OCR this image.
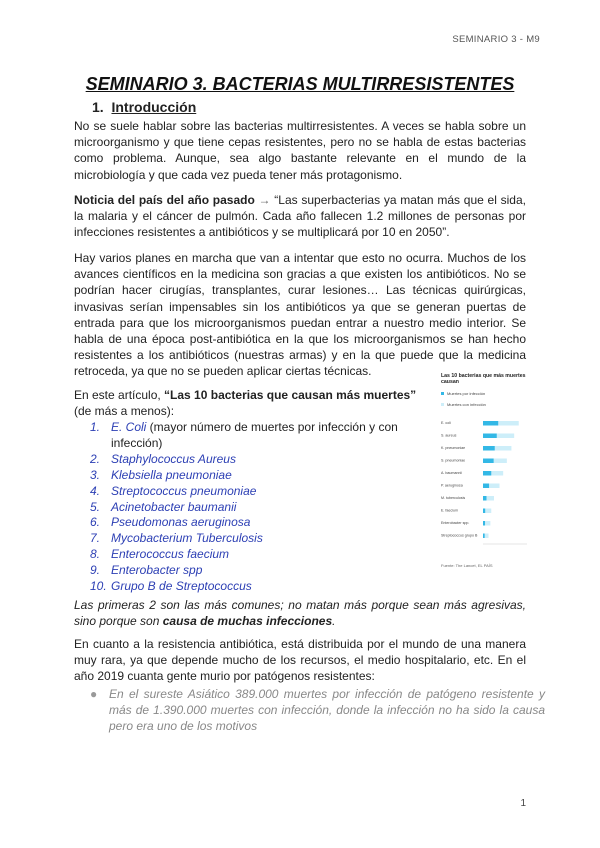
SEMINARIO 3 - M9
SEMINARIO 3. BACTERIAS MULTIRRESISTENTES
1. Introducción

No se suele hablar sobre las bacterias multirresistentes. A veces se habla sobre un microorganismo y que tiene cepas resistentes, pero no se habla de estas bacterias como problema. Aunque, sea algo bastante relevante en el mundo de la microbiología y que cada vez pueda tener más protagonismo.

Noticia del país del año pasado → “Las superbacterias ya matan más que el sida, la malaria y el cáncer de pulmón. Cada año fallecen 1.2 millones de personas por infecciones resistentes a antibióticos y se multiplicará por 10 en 2050”.

Hay varios planes en marcha que van a intentar que esto no ocurra. Muchos de los avances científicos en la medicina son gracias a que existen los antibióticos. No se podrían hacer cirugías, transplantes, curar lesiones… Las técnicas quirúrgicas, invasivas serían impensables sin los antibióticos ya que se generan puertas de entrada para que los microorganismos puedan entrar a nuestro medio interior. Se habla de una época post-antibiótica en la que los microorganismos se han hecho resistentes a los antibióticos (nuestras armas) y en la que puede que la medicina retroceda, ya que no se pueden aplicar ciertas técnicas.

En este artículo, “Las 10 bacterias que causan más muertes”
(de más a menos):

1. E. Coli (mayor número de muertes por infección y con infección)
2. Staphylococcus Aureus
3. Klebsiella pneumoniae
4. Streptococcus pneumoniae
5. Acinetobacter baumanii
6. Pseudomonas aeruginosa
7. Mycobacterium Tuberculosis
8. Enterococcus faecium
9. Enterobacter spp
10. Grupo B de Streptococcus
Las 10 bacterias que más muertes causan
Muertes por infección
Muertes con infección
E. coli
S. aureus
K. pneumoniae
S. pneumoniae
A. baumannii
P. aeruginosa
M. tuberculosis
E. faecium
Enterobacter spp.
Streptococcus grupo B
Fuente: The Lancet, EL PAÍS

Las primeras 2 son las más comunes; no matan más porque sean más agresivas, sino porque son causa de muchas infecciones.

En cuanto a la resistencia antibiótica, está distribuida por el mundo de una manera muy rara, ya que depende mucho de los recursos, el medio hospitalario, etc. En el año 2019 cuanta gente murio por patógenos resistentes:

● En el sureste Asiático 389.000 muertes por infección de patógeno resistente y más de 1.390.000 muertes con infección, donde la infección no ha sido la causa pero era uno de los motivos

1
